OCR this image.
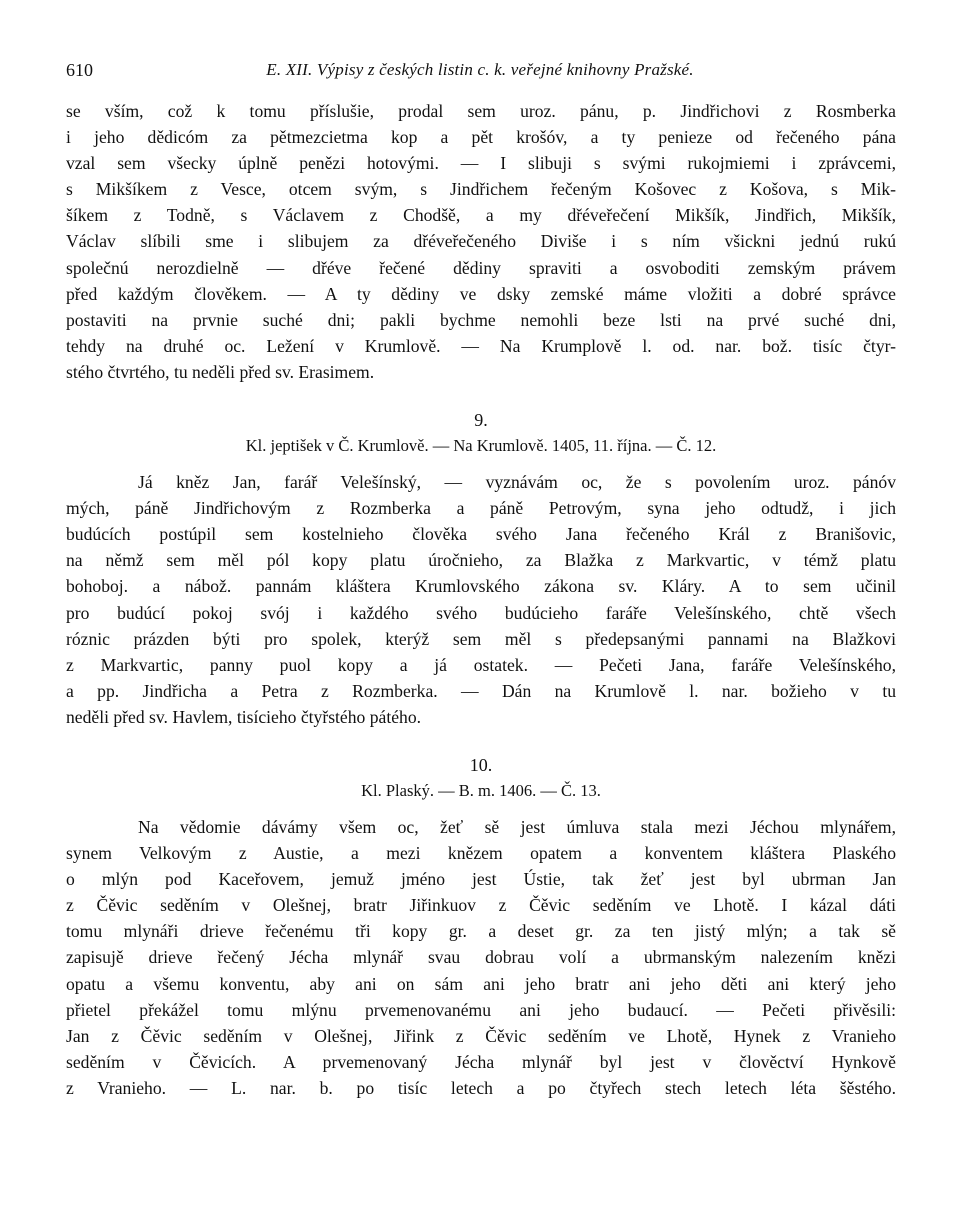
610	E. XII. Výpisy z českých listin c. k. veřejné knihovny Pražské.
se vším, což k tomu příslušie, prodal sem uroz. pánu, p. Jindřichovi z Rosmberka
i jeho dědicóm za pětmezcietma kop a pět krošóv, a ty penieze od řečeného pána
vzal sem všecky úplně penězi hotovými. — I slibuji s svými rukojmiemi i zprávcemi,
s Mikšíkem z Vesce, otcem svým, s Jindřichem řečeným Košovec z Košova, s Mik-
šíkem z Todně, s Václavem z Chodšě, a my dřéveřečení Mikšík, Jindřich, Mikšík,
Václav slíbili sme i slibujem za dřéveřečeného Diviše i s ním všickni jednú rukú
společnú nerozdielně — dřéve řečené dědiny spraviti a osvoboditi zemským právem
před každým člověkem. — A ty dědiny ve dsky zemské máme vložiti a dobré správce
postaviti na prvnie suché dni; pakli bychme nemohli beze lsti na prvé suché dni,
tehdy na druhé oc. Ležení v Krumlově. — Na Krumplově l. od. nar. bož. tisíc čtyr-
stého čtvrtého, tu neděli před sv. Erasimem.
9.
Kl. jeptišek v Č. Krumlově. — Na Krumlově. 1405, 11. října. — Č. 12.
Já kněz Jan, farář Velešínský, — vyznávám oc, že s povolením uroz. pánóv
mých, páně Jindřichovým z Rozmberka a páně Petrovým, syna jeho odtudž, i jich
budúcích postúpil sem kostelnieho člověka svého Jana řečeného Král z Branišovic,
na němž sem měl pól kopy platu úročnieho, za Blažka z Markvartic, v témž platu
bohoboj. a nábož. pannám kláštera Krumlovského zákona sv. Kláry. A to sem učinil
pro budúcí pokoj svój i každého svého budúcieho faráře Velešínského, chtě všech
róznic prázden býti pro spolek, kterýž sem měl s předepsanými pannami na Blažkovi
z Markvartic, panny puol kopy a já ostatek. — Pečeti Jana, faráře Velešínského,
a pp. Jindřicha a Petra z Rozmberka. — Dán na Krumlově l. nar. božieho v tu
neděli před sv. Havlem, tisícieho čtyřstého pátého.
10.
Kl. Plaský. — B. m. 1406. — Č. 13.
Na vědomie dávámy všem oc, žeť sě jest úmluva stala mezi Jéchou mlynářem,
synem Velkovým z Austie, a mezi knězem opatem a konventem kláštera Plaského
o mlýn pod Kaceřovem, jemuž jméno jest Ústie, tak žeť jest byl ubrman Jan
z Čěvic seděním v Olešnej, bratr Jiřinkuov z Čěvic seděním ve Lhotě. I kázal dáti
tomu mlynáři drieve řečenému tři kopy gr. a deset gr. za ten jistý mlýn; a tak sě
zapisujě drieve řečený Jécha mlynář svau dobrau volí a ubrmanským nalezením knězi
opatu a všemu konventu, aby ani on sám ani jeho bratr ani jeho děti ani který jeho
přietel překážel tomu mlýnu prvemenovanému ani jeho budaucí. — Pečeti přivěsili:
Jan z Čěvic seděním v Olešnej, Jiřink z Čěvic seděním ve Lhotě, Hynek z Vranieho
seděním v Čěvicích. A prvemenovaný Jécha mlynář byl jest v člověctví Hynkově
z Vranieho. — L. nar. b. po tisíc letech a po čtyřech stech letech léta šěstého.
